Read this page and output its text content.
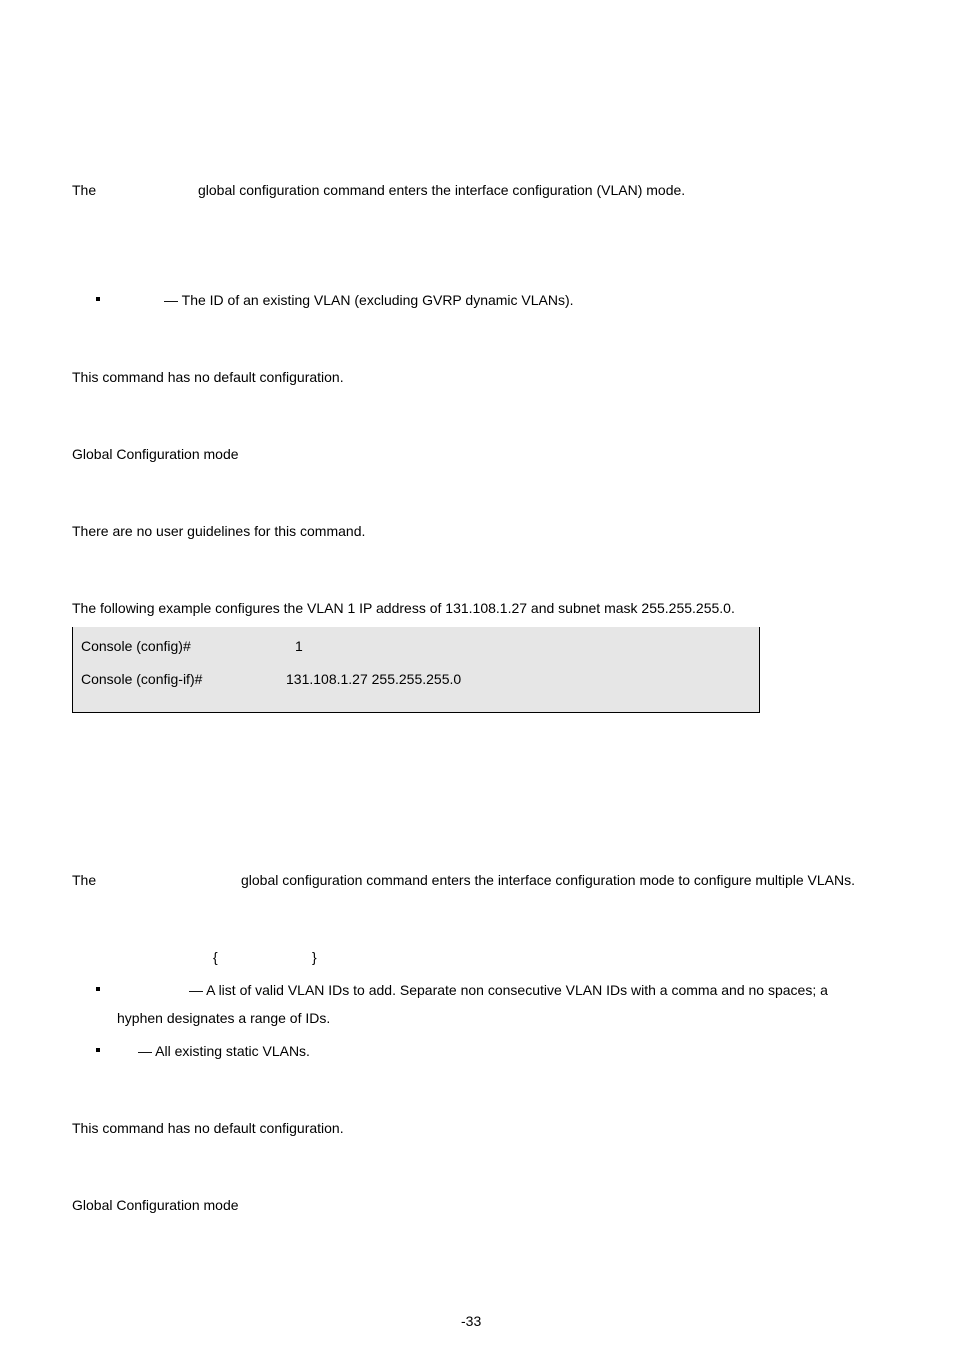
The	global configuration command enters the interface configuration (VLAN) mode.
— The ID of an existing VLAN (excluding GVRP dynamic VLANs).
This command has no default configuration.
Global Configuration mode
There are no user guidelines for this command.
The following example configures the VLAN 1 IP address of 131.108.1.27 and subnet mask 255.255.255.0.
Console (config)#	1
Console (config-if)#	131.108.1.27 255.255.255.0
The	global configuration command enters the interface configuration mode to configure multiple VLANs.
{	}
— A list of valid VLAN IDs to add. Separate non consecutive VLAN IDs with a comma and no spaces; a
hyphen designates a range of IDs.
— All existing static VLANs.
This command has no default configuration.
Global Configuration mode
-33
